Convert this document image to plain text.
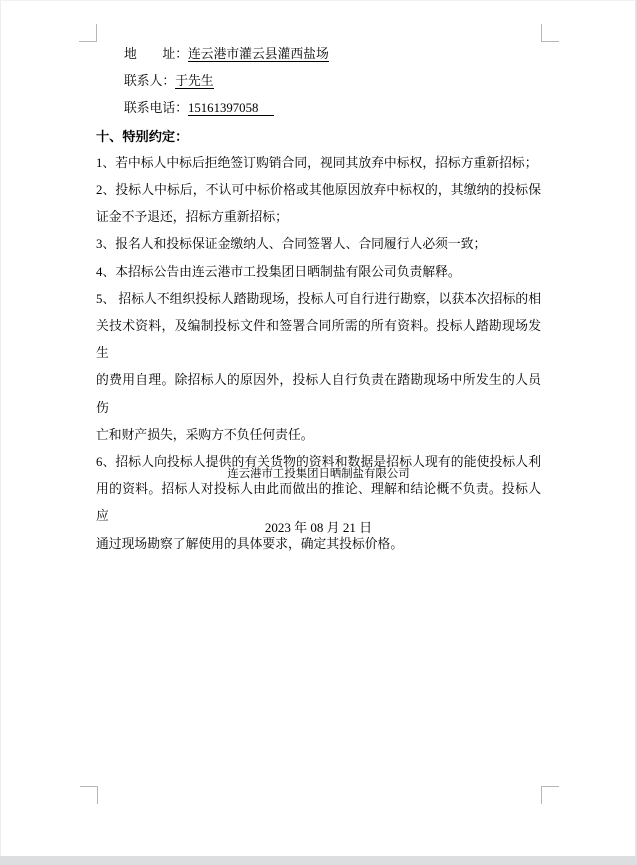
地　　址：连云港市灌云县灌西盐场
联系人：于先生
联系电话：15161397058
十、特别约定：
1、若中标人中标后拒绝签订购销合同，视同其放弃中标权，招标方重新招标；
2、投标人中标后，不认可中标价格或其他原因放弃中标权的，其缴纳的投标保
证金不予退还，招标方重新招标；
3、报名人和投标保证金缴纳人、合同签署人、合同履行人必须一致；
4、本招标公告由连云港市工投集团日晒制盐有限公司负责解释。
5、 招标人不组织投标人踏勘现场，投标人可自行进行勘察，以获本次招标的相
关技术资料，及编制投标文件和签署合同所需的所有资料。投标人踏勘现场发生
的费用自理。除招标人的原因外，投标人自行负责在踏勘现场中所发生的人员伤
亡和财产损失，采购方不负任何责任。
6、招标人向投标人提供的有关货物的资料和数据是招标人现有的能使投标人利
用的资料。招标人对投标人由此而做出的推论、理解和结论概不负责。投标人应
通过现场勘察了解使用的具体要求，确定其投标价格。
连云港市工投集团日晒制盐有限公司
2023 年 08 月 21 日
